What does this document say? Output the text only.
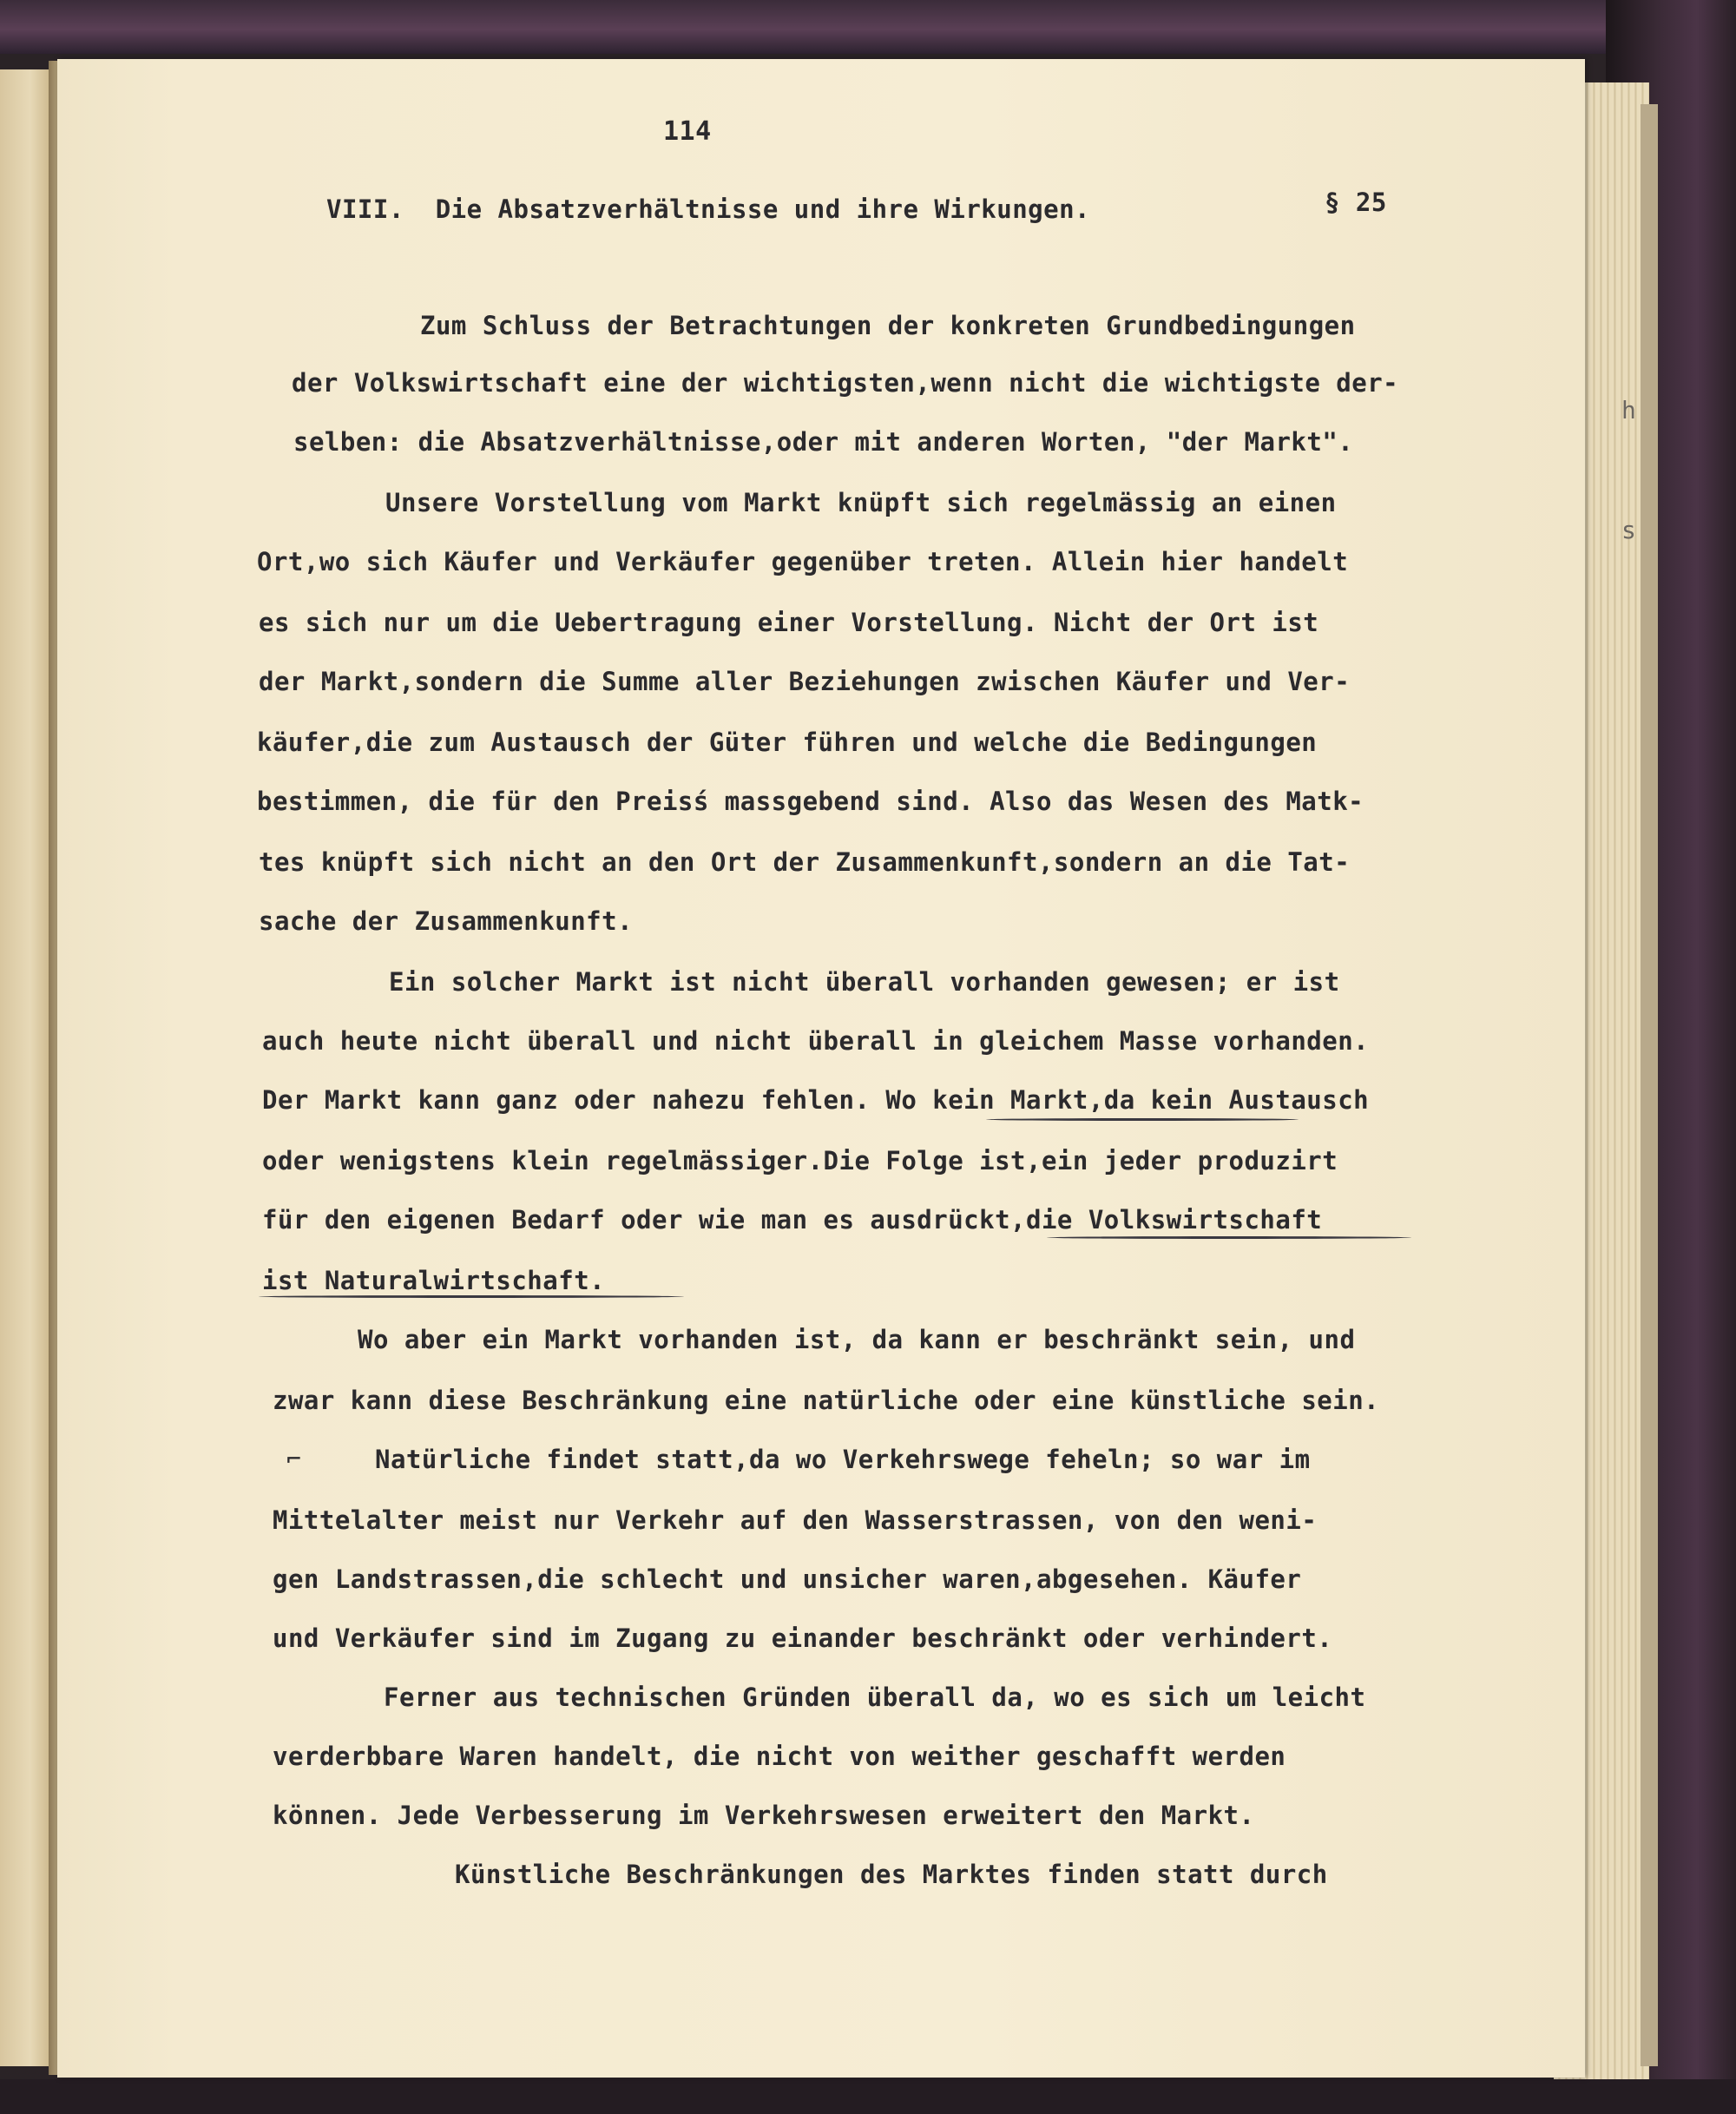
h
s
114
VIII.  Die Absatzverhältnisse und ihre Wirkungen.	§ 25
Zum Schluss der Betrachtungen der konkreten Grundbedingungen
der Volkswirtschaft eine der wichtigsten,wenn nicht die wichtigste der-
selben: die Absatzverhältnisse,oder mit anderen Worten, "der Markt".
Unsere Vorstellung vom Markt knüpft sich regelmässig an einen
Ort,wo sich Käufer und Verkäufer gegenüber treten. Allein hier handelt
es sich nur um die Uebertragung einer Vorstellung. Nicht der Ort ist
der Markt,sondern die Summe aller Beziehungen zwischen Käufer und Ver-
käufer,die zum Austausch der Güter führen und welche die Bedingungen
bestimmen, die für den Preisś massgebend sind. Also das Wesen des Matk-
tes knüpft sich nicht an den Ort der Zusammenkunft,sondern an die Tat-
sache der Zusammenkunft.
Ein solcher Markt ist nicht überall vorhanden gewesen; er ist
auch heute nicht überall und nicht überall in gleichem Masse vorhanden.
Der Markt kann ganz oder nahezu fehlen. Wo kein Markt,da kein Austausch
oder wenigstens klein regelmässiger.Die Folge ist,ein jeder produzirt
für den eigenen Bedarf oder wie man es ausdrückt,die Volkswirtschaft
ist Naturalwirtschaft.
Wo aber ein Markt vorhanden ist, da kann er beschränkt sein, und
zwar kann diese Beschränkung eine natürliche oder eine künstliche sein.
Natürliche findet statt,da wo Verkehrswege feheln; so war im
Mittelalter meist nur Verkehr auf den Wasserstrassen, von den weni-
gen Landstrassen,die schlecht und unsicher waren,abgesehen. Käufer
und Verkäufer sind im Zugang zu einander beschränkt oder verhindert.
Ferner aus technischen Gründen überall da, wo es sich um leicht
verderbbare Waren handelt, die nicht von weither geschafft werden
können. Jede Verbesserung im Verkehrswesen erweitert den Markt.
Künstliche Beschränkungen des Marktes finden statt durch
⌐
